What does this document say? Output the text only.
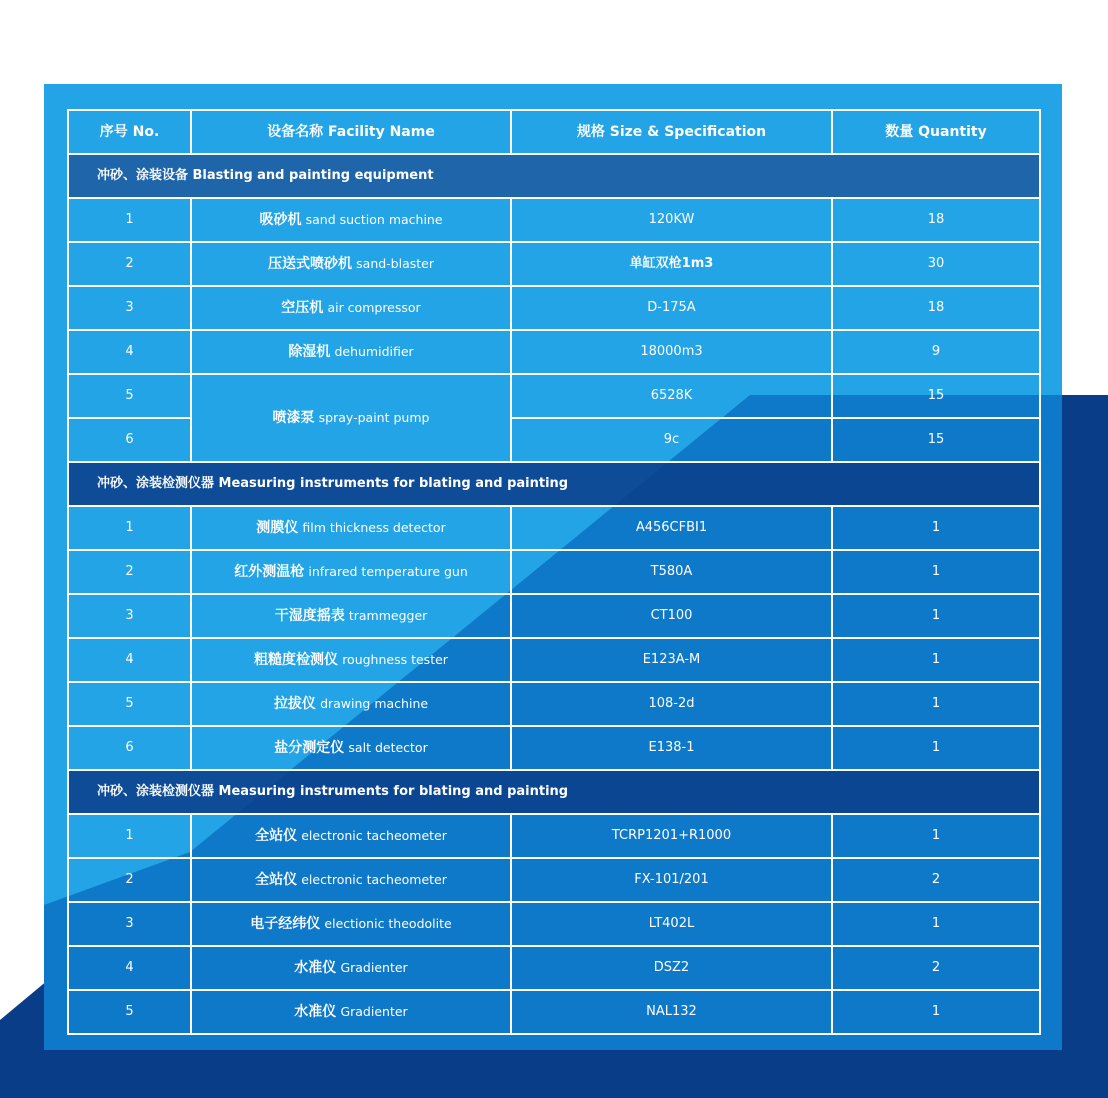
序号 No.	设备名称 Facility Name	规格 Size & Specification	数量 Quantity
冲砂、涂装设备 Blasting and painting equipment			
1	吸砂机 sand suction machine	120KW	18
2	压送式喷砂机 sand-blaster	单缸双枪1m3	30
3	空压机 air compressor	D-175A	18
4	除湿机 dehumidifier	18000m3	9
5	喷漆泵 spray-paint pump	6528K	15
6		9c	15
冲砂、涂装检测仪器 Measuring instruments for blating and painting			
1	测膜仪 film thickness detector	A456CFBI1	1
2	红外测温枪 infrared temperature gun	T580A	1
3	干湿度摇表 trammegger	CT100	1
4	粗糙度检测仪 roughness tester	E123A-M	1
5	拉拔仪 drawing machine	108-2d	1
6	盐分测定仪 salt detector	E138-1	1
冲砂、涂装检测仪器 Measuring instruments for blating and painting			
1	全站仪 electronic tacheometer	TCRP1201+R1000	1
2	全站仪 electronic tacheometer	FX-101/201	2
3	电子经纬仪 electionic theodolite	LT402L	1
4	水准仪 Gradienter	DSZ2	2
5	水准仪 Gradienter	NAL132	1
